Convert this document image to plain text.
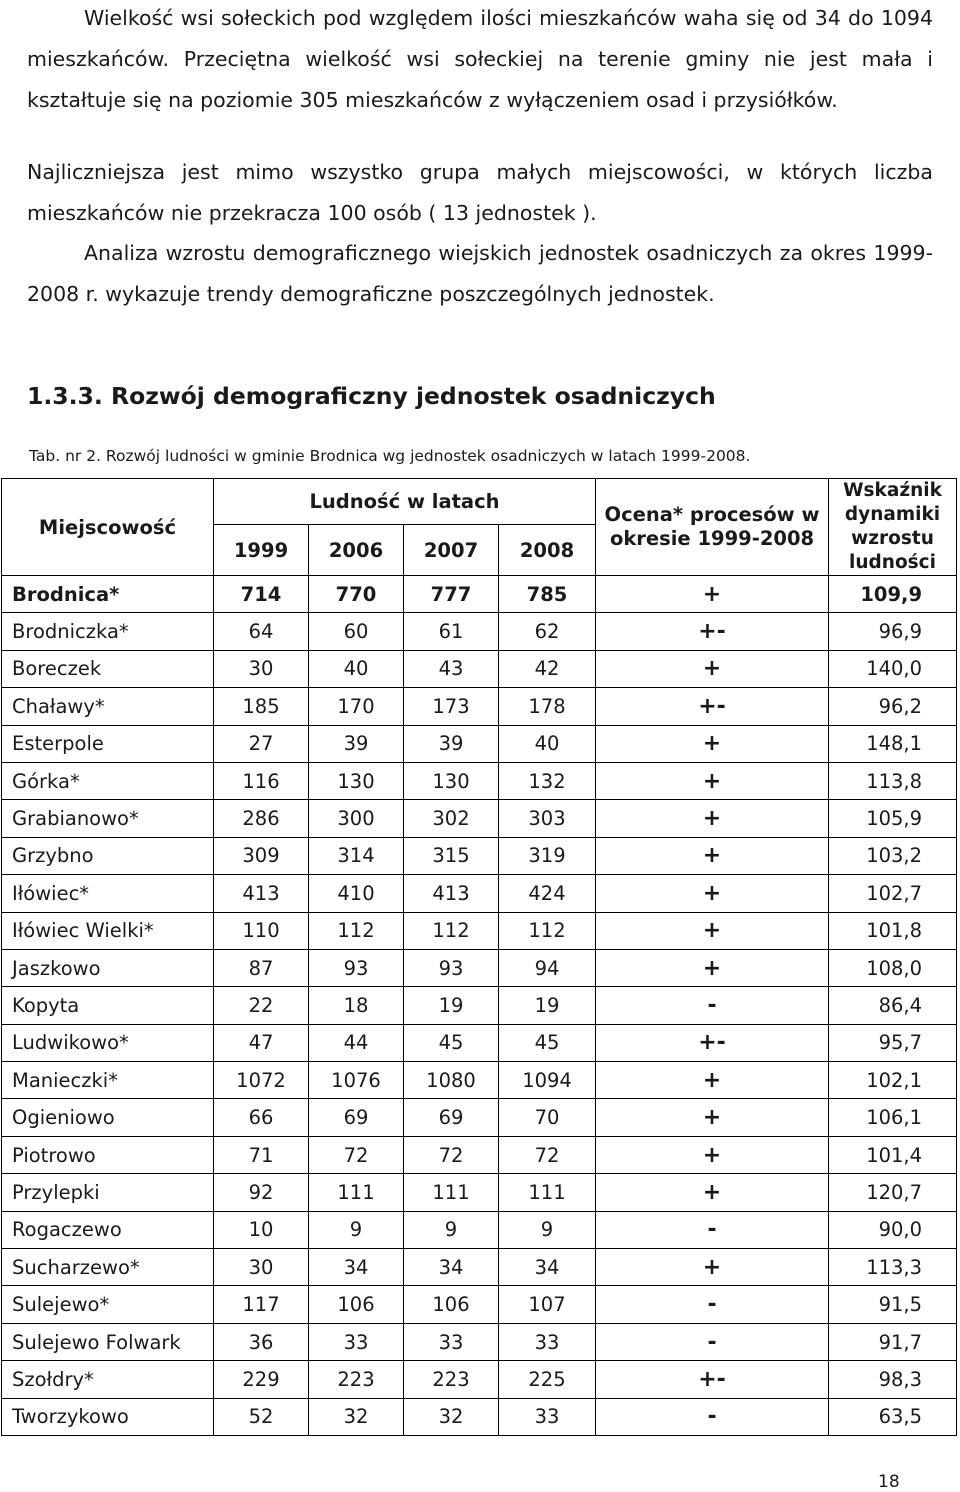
Wielkość wsi sołeckich pod względem ilości mieszkańców waha się od 34 do 1094 mieszkańców. Przeciętna wielkość wsi sołeckiej na terenie gminy nie jest mała i kształtuje się na poziomie 305 mieszkańców z wyłączeniem osad i przysiółków.

Najliczniejsza jest mimo wszystko grupa małych miejscowości, w których liczba mieszkańców nie przekracza 100 osób ( 13 jednostek ).

Analiza wzrostu demograficznego wiejskich jednostek osadniczych za okres 1999-2008 r. wykazuje trendy demograficzne poszczególnych jednostek.

1.3.3. Rozwój demograficzny jednostek osadniczych

Tab. nr 2. Rozwój ludności w gminie Brodnica wg jednostek osadniczych w latach 1999-2008.

Miejscowość	Ludność w latach				Ocena* procesów w okresie 1999-2008	Wskaźnik dynamiki wzrostu ludności
	1999	2006	2007	2008		
Brodnica*	714	770	777	785	+	109,9
Brodniczka*	64	60	61	62	+-	96,9
Boreczek	30	40	43	42	+	140,0
Chaławy*	185	170	173	178	+-	96,2
Esterpole	27	39	39	40	+	148,1
Górka*	116	130	130	132	+	113,8
Grabianowo*	286	300	302	303	+	105,9
Grzybno	309	314	315	319	+	103,2
Iłówiec*	413	410	413	424	+	102,7
Iłówiec Wielki*	110	112	112	112	+	101,8
Jaszkowo	87	93	93	94	+	108,0
Kopyta	22	18	19	19	-	86,4
Ludwikowo*	47	44	45	45	+-	95,7
Manieczki*	1072	1076	1080	1094	+	102,1
Ogieniowo	66	69	69	70	+	106,1
Piotrowo	71	72	72	72	+	101,4
Przylepki	92	111	111	111	+	120,7
Rogaczewo	10	9	9	9	-	90,0
Sucharzewo*	30	34	34	34	+	113,3
Sulejewo*	117	106	106	107	-	91,5
Sulejewo Folwark	36	33	33	33	-	91,7
Szołdry*	229	223	223	225	+-	98,3
Tworzykowo	52	32	32	33	-	63,5

18
